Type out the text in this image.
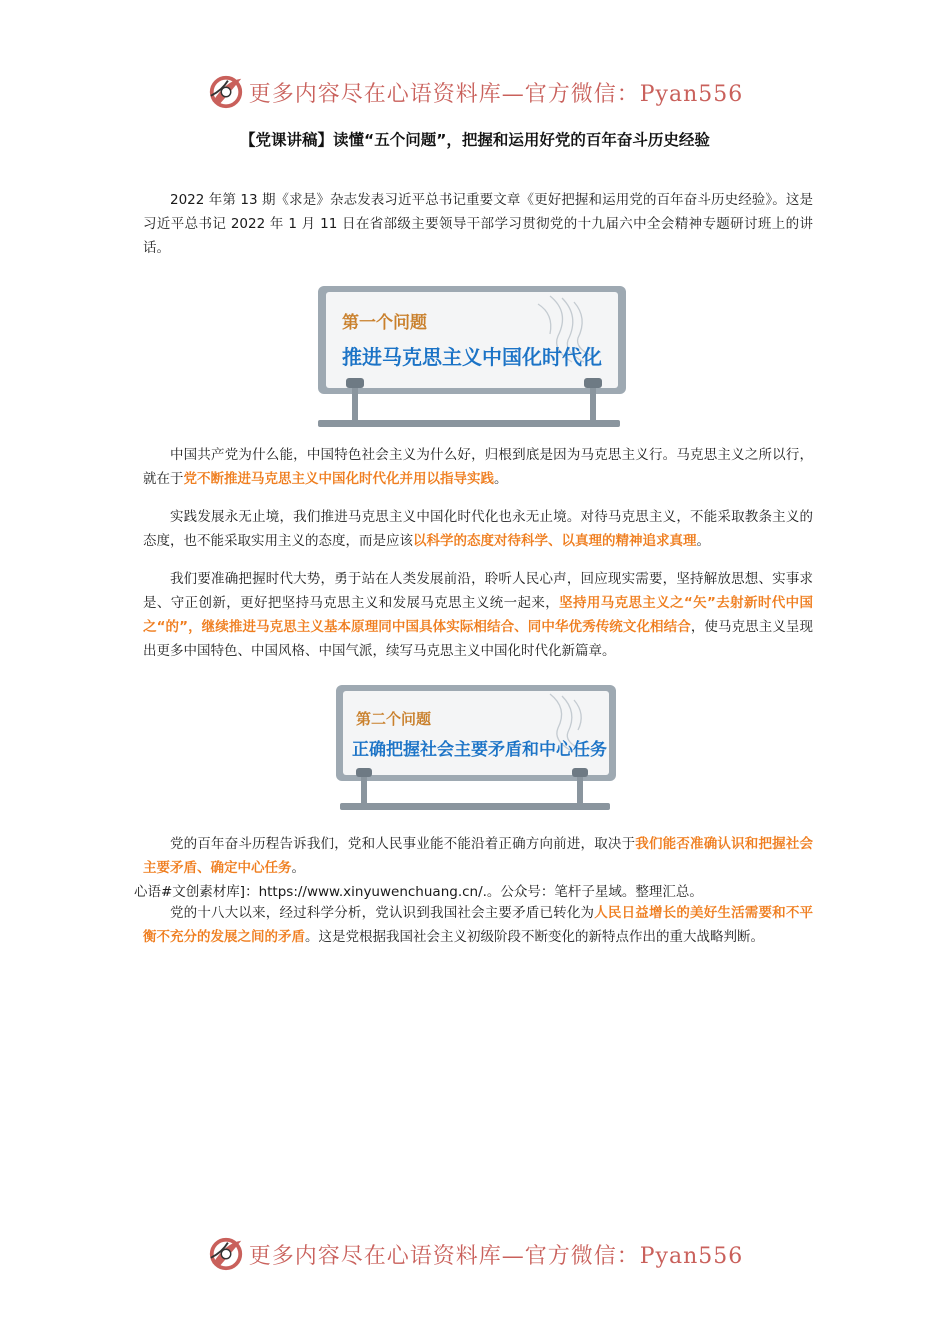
更多内容尽在心语资料库—官方微信：Pyan556
【党课讲稿】读懂“五个问题”，把握和运用好党的百年奋斗历史经验

2022 年第 13 期《求是》杂志发表习近平总书记重要文章《更好把握和运用党的百年奋斗历史经验》。这是习近平总书记 2022 年 1 月 11 日在省部级主要领导干部学习贯彻党的十九届六中全会精神专题研讨班上的讲话。

第一个问题
推进马克思主义中国化时代化

中国共产党为什么能，中国特色社会主义为什么好，归根到底是因为马克思主义行。马克思主义之所以行，就在于党不断推进马克思主义中国化时代化并用以指导实践。

实践发展永无止境，我们推进马克思主义中国化时代化也永无止境。对待马克思主义，不能采取教条主义的态度，也不能采取实用主义的态度，而是应该以科学的态度对待科学、以真理的精神追求真理。

我们要准确把握时代大势，勇于站在人类发展前沿，聆听人民心声，回应现实需要，坚持解放思想、实事求是、守正创新，更好把坚持马克思主义和发展马克思主义统一起来，坚持用马克思主义之“矢”去射新时代中国之“的”，继续推进马克思主义基本原理同中国具体实际相结合、同中华优秀传统文化相结合，使马克思主义呈现出更多中国特色、中国风格、中国气派，续写马克思主义中国化时代化新篇章。

第二个问题
正确把握社会主要矛盾和中心任务

党的百年奋斗历程告诉我们，党和人民事业能不能沿着正确方向前进，取决于我们能否准确认识和把握社会主要矛盾、确定中心任务。

心语#文创素材库]：https://www.xinyuwenchuang.cn/.。公众号：笔杆子星域。整理汇总。

党的十八大以来，经过科学分析，党认识到我国社会主要矛盾已转化为人民日益增长的美好生活需要和不平衡不充分的发展之间的矛盾。这是党根据我国社会主义初级阶段不断变化的新特点作出的重大战略判断。

更多内容尽在心语资料库—官方微信：Pyan556
